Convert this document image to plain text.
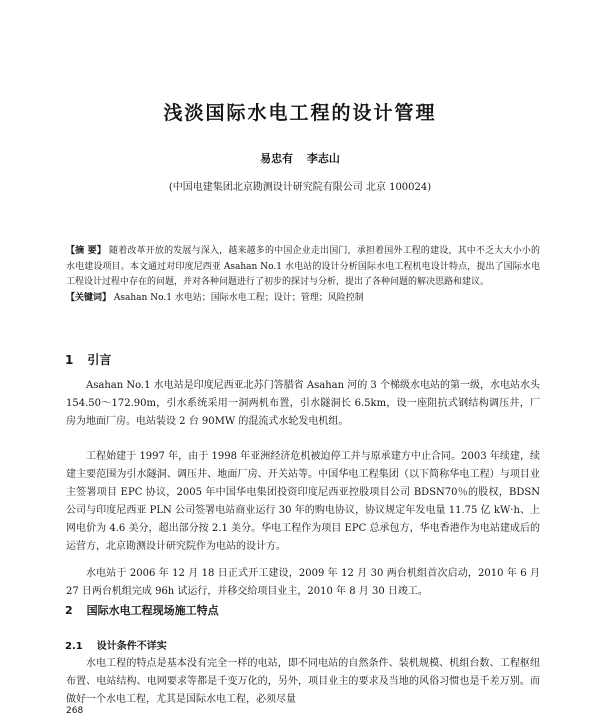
浅淡国际水电工程的设计管理
易忠有 李志山
(中国电建集团北京勘测设计研究院有限公司 北京 100024)

【摘 要】 随着改革开放的发展与深入，越来越多的中国企业走出国门，承担着国外工程的建设，其中不乏大大小小的水电建设项目。本文通过对印度尼西亚 Asahan No.1 水电站的设计分析国际水电工程机电设计特点，提出了国际水电工程设计过程中存在的问题，并对各种问题进行了初步的探讨与分析，提出了各种问题的解决思路和建议。

【关键词】 Asahan No.1 水电站；国际水电工程；设计；管理；风险控制

1 引言

Asahan No.1 水电站是印度尼西亚北苏门答腊省 Asahan 河的 3 个梯级水电站的第一级，水电站水头 154.50～172.90m，引水系统采用一洞两机布置，引水隧洞长 6.5km，设一座阻抗式钢结构调压井，厂房为地面厂房。电站装设 2 台 90MW 的混流式水轮发电机组。

工程始建于 1997 年，由于 1998 年亚洲经济危机被迫停工并与原承建方中止合同。2003 年续建，续建主要范围为引水隧洞、调压井、地面厂房、开关站等。中国华电工程集团（以下简称华电工程）与项目业主签署项目 EPC 协议，2005 年中国华电集团投资印度尼西亚控股项目公司 BDSN70％的股权，BDSN 公司与印度尼西亚 PLN 公司签署电站商业运行 30 年的购电协议，协议规定年发电量 11.75 亿 kW·h、上网电价为 4.6 美分，超出部分按 2.1 美分。华电工程作为项目 EPC 总承包方，华电香港作为电站建成后的运营方，北京勘测设计研究院作为电站的设计方。

水电站于 2006 年 12 月 18 日正式开工建设，2009 年 12 月 30 两台机组首次启动，2010 年 6 月 27 日两台机组完成 96h 试运行，并移交给项目业主，2010 年 8 月 30 日竣工。

2 国际水电工程现场施工特点
2.1 设计条件不详实

水电工程的特点是基本没有完全一样的电站，即不同电站的自然条件、装机规模、机组台数、工程枢纽布置、电站结构、电网要求等都是千变万化的，另外，项目业主的要求及当地的风俗习惯也是千差万别。而做好一个水电工程，尤其是国际水电工程，必须尽量

268
